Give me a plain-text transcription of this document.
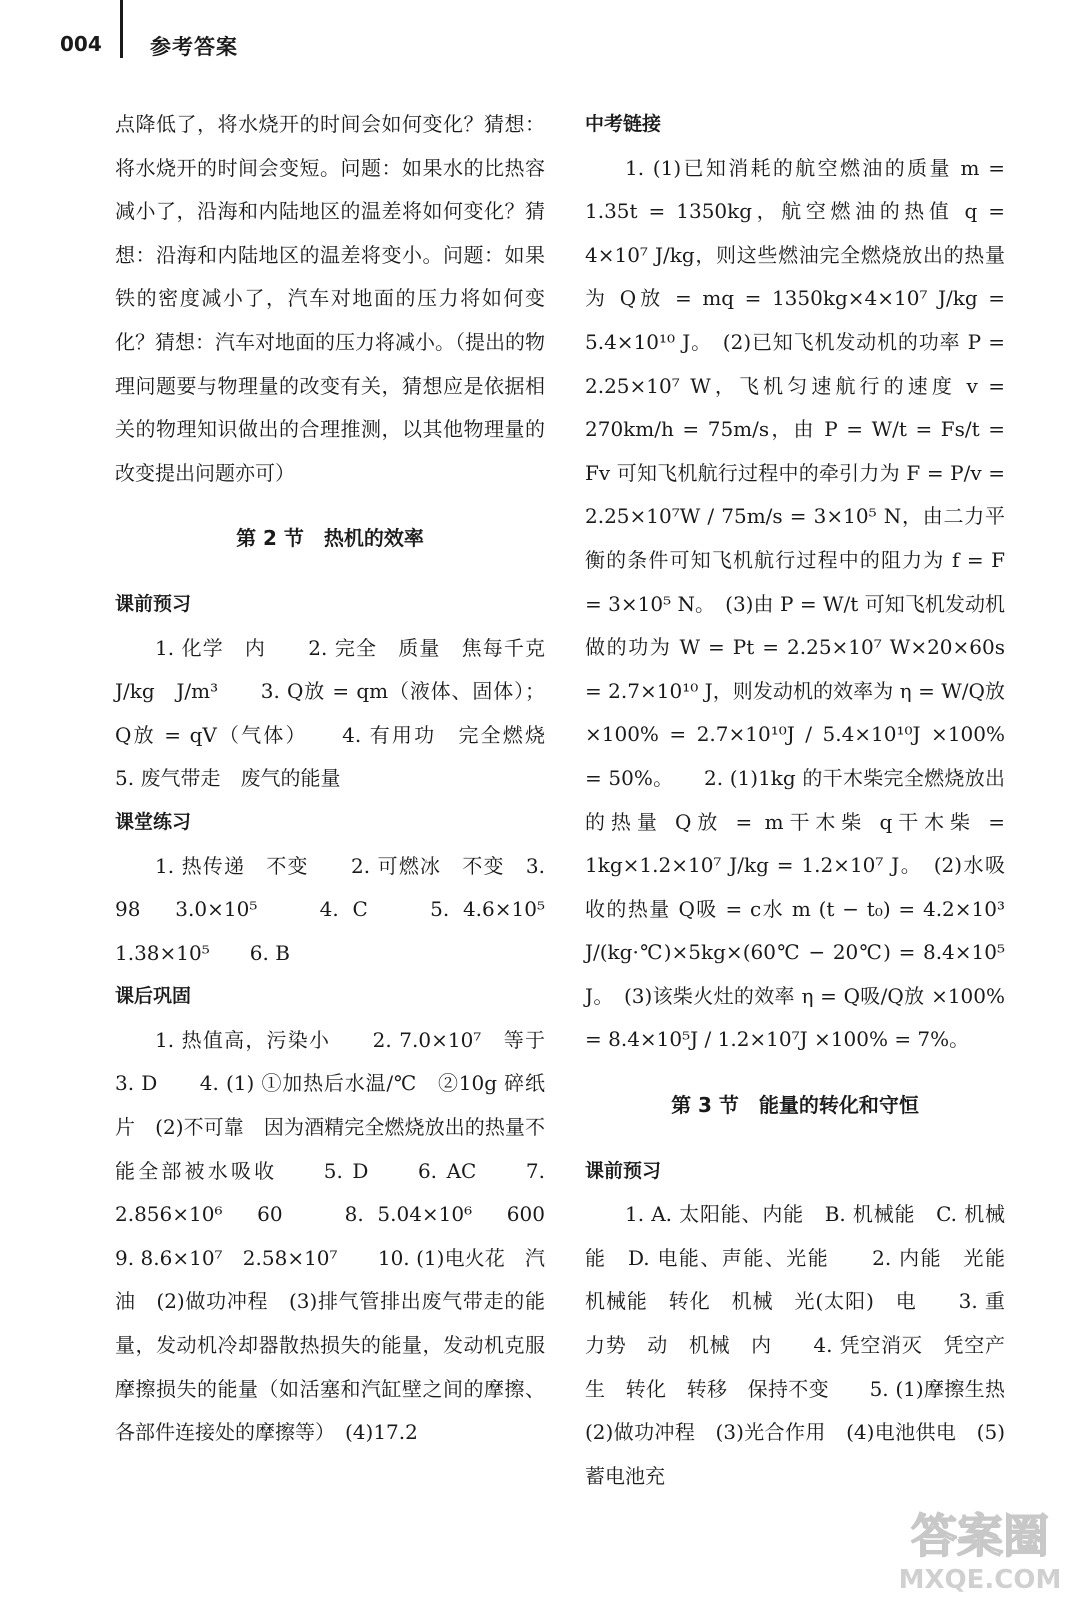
004 参考答案

点降低了，将水烧开的时间会如何变化？猜想：将水烧开的时间会变短。问题：如果水的比热容减小了，沿海和内陆地区的温差将如何变化？猜想：沿海和内陆地区的温差将变小。问题：如果铁的密度减小了，汽车对地面的压力将如何变化？猜想：汽车对地面的压力将减小。（提出的物理问题要与物理量的改变有关，猜想应是依据相关的物理知识做出的合理推测，以其他物理量的改变提出问题亦可）

第 2 节　热机的效率

课前预习

1. 化学　内　　2. 完全　质量　焦每千克 J/kg　J/m³　　3. Q放 = qm（液体、固体）；Q放 = qV（气体）　　4. 有用功　完全燃烧　　5. 废气带走　废气的能量

课堂练习

1. 热传递　不变　　2. 可燃冰　不变　3. 98　3.0×10⁵　　4. C　　5. 4.6×10⁵　1.38×10⁵　　6. B

课后巩固

1. 热值高，污染小　　2. 7.0×10⁷　等于　3. D　　4. (1) ①加热后水温/℃　②10g 碎纸片　(2)不可靠　因为酒精完全燃烧放出的热量不能全部被水吸收　　5. D　　6. AC　　7. 2.856×10⁶　60　　8. 5.04×10⁶　600　　9. 8.6×10⁷　2.58×10⁷　　10. (1)电火花　汽油　(2)做功冲程　(3)排气管排出废气带走的能量，发动机冷却器散热损失的能量，发动机克服摩擦损失的能量（如活塞和汽缸壁之间的摩擦、各部件连接处的摩擦等）　(4)17.2

中考链接

1. (1)已知消耗的航空燃油的质量 m = 1.35t = 1350kg，航空燃油的热值 q = 4×10⁷ J/kg，则这些燃油完全燃烧放出的热量为 Q放 = mq = 1350kg×4×10⁷ J/kg = 5.4×10¹⁰ J。　(2)已知飞机发动机的功率 P = 2.25×10⁷ W，飞机匀速航行的速度 v = 270km/h = 75m/s，由 P = W/t = Fs/t = Fv 可知飞机航行过程中的牵引力为 F = P/v = 2.25×10⁷W / 75m/s = 3×10⁵ N，由二力平衡的条件可知飞机航行过程中的阻力为 f = F = 3×10⁵ N。　(3)由 P = W/t 可知飞机发动机做的功为 W = Pt = 2.25×10⁷ W×20×60s = 2.7×10¹⁰ J，则发动机的效率为 η = W/Q放 ×100% = 2.7×10¹⁰J / 5.4×10¹⁰J ×100% = 50%。　　2. (1)1kg 的干木柴完全燃烧放出的热量 Q放 = m干木柴 q干木柴 = 1kg×1.2×10⁷ J/kg = 1.2×10⁷ J。　(2)水吸收的热量 Q吸 = c水 m (t − t₀) = 4.2×10³ J/(kg·℃)×5kg×(60℃ − 20℃) = 8.4×10⁵ J。　(3)该柴火灶的效率 η = Q吸/Q放 ×100% = 8.4×10⁵J / 1.2×10⁷J ×100% = 7%。

第 3 节　能量的转化和守恒

课前预习

1. A. 太阳能、内能　B. 机械能　C. 机械能　D. 电能、声能、光能　　2. 内能　光能　机械能　转化　机械　光(太阳)　电　　3. 重力势　动　机械　内　　4. 凭空消灭　凭空产生　转化　转移　保持不变　　5. (1)摩擦生热　(2)做功冲程　(3)光合作用　(4)电池供电　(5)蓄电池充

答案圈
MXQE.COM
